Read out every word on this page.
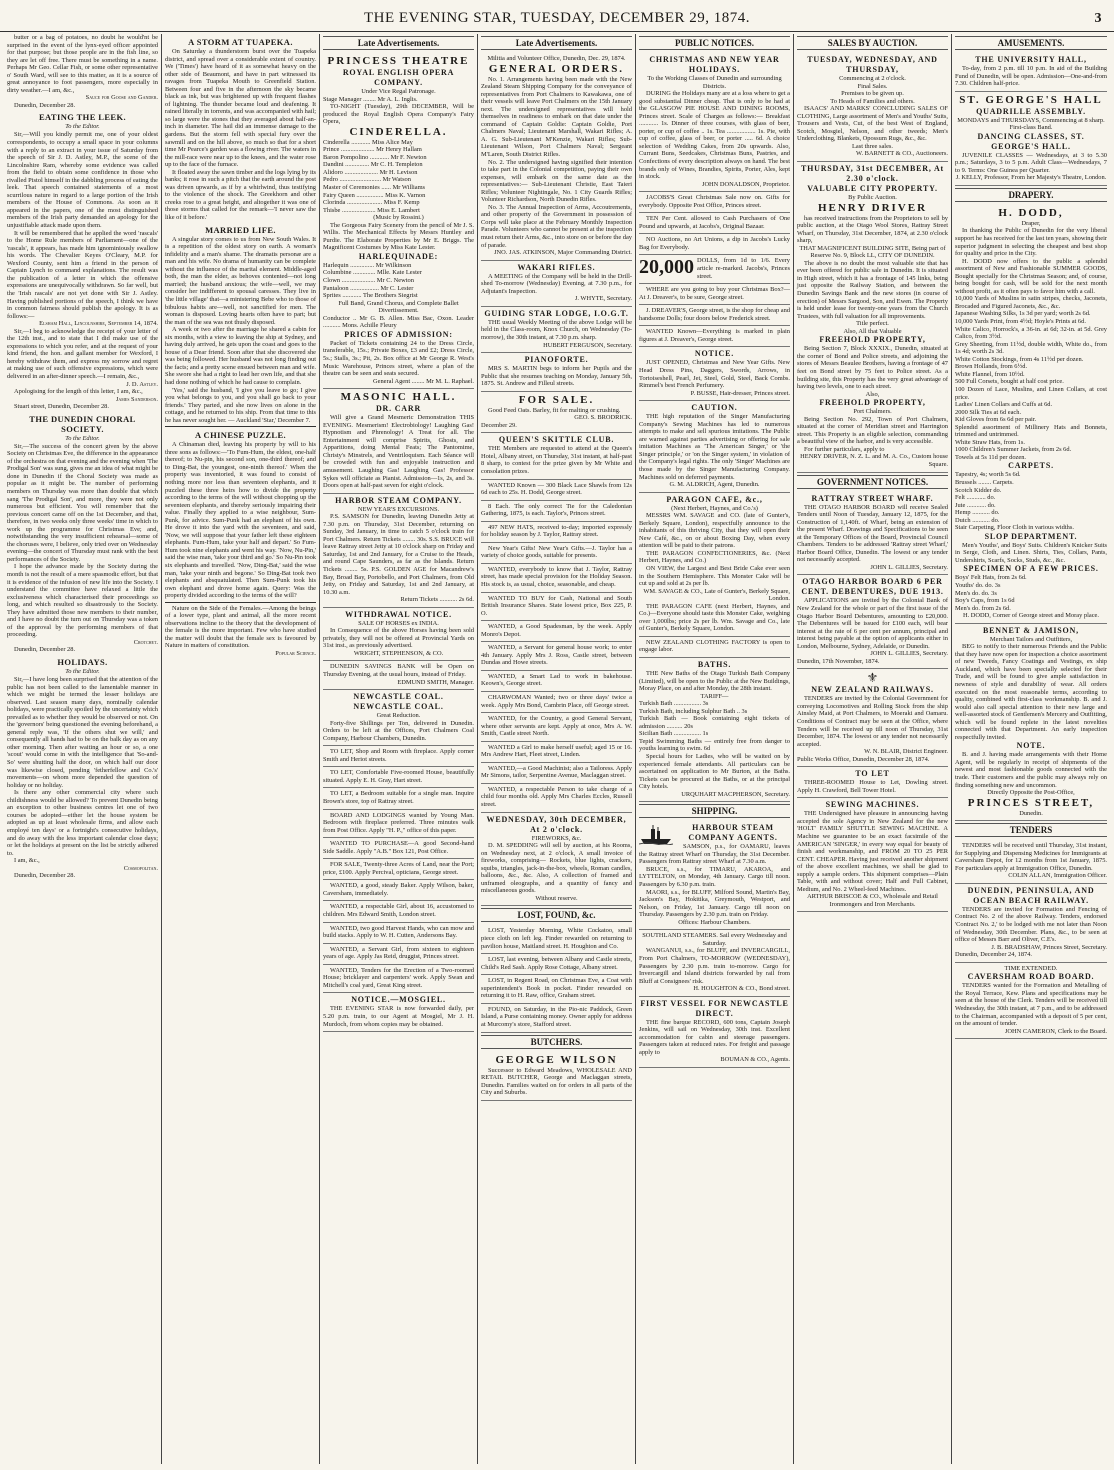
THE EVENING STAR, TUESDAY, DECEMBER 29, 1874.	3

butter or a bag of potatoes, no doubt he would'nt be surprised in the event of the lynx-eyed officer appointed for that purpose; but those people are in the fish line, so they are let off free. There must be something in a name. Perhaps Mr Geo. Cellar Fish, or some other representative o' South Ward, will see to this matter, as it is a source of great annoyance to foot passengers, more especially in dirty weather.—I am, &c.,

Sauce for Goose and Gander.

Dunedin, December 28.

EATING THE LEEK.
To the Editor.

Sir,—Will you kindly permit me, one of your oldest correspondents, to occupy a small space in your columns with a reply to an extract in your issue of Saturday from the speech of Sir J. D. Astley, M.P., the scene of the Lincolnshire Ram, whereby some evidence was called from the field to obtain some confidence in those who rivalled Pistol himself in the dabbling process of eating the leek. That speech contained statements of a most scurrilous nature in regard to a large portion of the Irish members of the House of Commons. As soon as it appeared in the papers, one of the most distinguished members of the Irish party demanded an apology for the unjustifiable attack made upon them.

It will be remembered that he applied the word 'rascals' to the Home Rule members of Parliament—one of the 'rascals', it appears, has made him ignominiously swallow his words. The Chevalier Keyes O'Cleary, M.P. for Wexford County, sent him a friend in the person of Captain Lynch to command explanations. The result was the publication of a letter in which the offensive expressions are unequivocally withdrawn. So far well, but the 'Irish rascals' are not yet done with Sir J. Astley. Having published portions of the speech, I think we have in common fairness should publish the apology. It is as follows:—

Elsham Hall, Lincolnshire, September 14, 1874.

Sir,—I beg to acknowledge the receipt of your letter of the 12th inst., and to state that I did make use of the expressions to which you refer, and at the request of your kind friend, the hon. and gallant member for Wexford, I hereby withdraw them, and express my sorrow and regret at making use of such offensive expressions, which were delivered in an after-dinner speech.—I remain, &c.,

J. D. Astley.

Apologising for the length of this letter, I am, &c.,

James Sanderson.

Stuart street, Dunedin, December 28.

THE DUNEDIN CHORAL SOCIETY.
To the Editor.

Sir,—The success of the concert given by the above Society on Christmas Eve, the difference in the appearance of the orchestra on that evening and the evening when 'The Prodigal Son' was sung, gives me an idea of what might be done in Dunedin if the Choral Society was made as popular as it might be. The number of performing members on Thursday was more than double that which sang 'The Prodigal Son', and more, they were not only numerous but efficient. You will remember that the previous concert came off on the 1st December, and that, therefore, in two weeks only three weeks' time in which to work up the programme for Christmas Eve; and, notwithstanding the very insufficient rehearsal—some of the choruses were, I believe, only tried over on Wednesday evening—the concert of Thursday must rank with the best performances of the Society.

I hope the advance made by the Society during the month is not the result of a mere spasmodic effort, but that it is evidence of the infusion of new life into the Society. I understand the committee have relaxed a little the exclusiveness which characterised their proceedings so long, and which resulted so disastrously to the Society. They have admitted those new members to their number, and I have no doubt the turn out on Thursday was a token of the approval by the performing members of that proceeding.

Crotchet.

Dunedin, December 28.

HOLIDAYS.
To the Editor.

Sir,—I have long been surprised that the attention of the public has not been called to the lamentable manner in which we might be termed the lesser holidays are observed. Last season many days, nominally calendar holidays, were practically spoiled by the uncertainty which prevailed as to whether they would be observed or not. On the 'governors' being questioned the evening beforehand, a general reply was, 'If the others shut we will,' and consequently all hands had to be on the balk day as on any other morning. Then after waiting an hour or so, a one 'scout' would come in with the intelligence that 'So-and-So' were shutting half the door, on which half our door was likewise closed, pending 'fetherfellow and Co.'s' movements—on whom more depended the question of holiday or no holiday.

Is there any other commercial city where such childishness would be allowed? To prevent Dunedin being an exception to other business centres let one of two courses be adopted—either let the house system be adopted as up at least wholesale firms, and allow each employé ten days' or a fortnight's consecutive holidays, and do away with the less important calendar close days; or let the holidays at present on the list be strictly adhered to.

I am, &c.,

Cosmopolitan.

Dunedin, December 28.

A STORM AT TUAPEKA.

On Saturday a thunderstorm burst over the Tuapeka district, and spread over a considerable extent of country. We ('Times') have heard of it as somewhat heavy on the other side of Beaumont, and have in part witnessed its ravages from Tuapeka Mouth to Greenfield Station. Between four and five in the afternoon the sky became black as ink, but was brightened up with frequent flashes of lightning. The thunder became loud and deafening. It rained literally in torrents, and was accompanied with hail; so large were the stones that they averaged about half-an-inch in diameter. The hail did an immense damage to the gardens. But the storm fell with special fury over the sawmill and on the hill above, so much so that for a short time Mr Pearce's garden was a flowing river. The waters in the mill-race were near up to the knees, and the water rose up to the face of the furnace.

It floated away the sawn timber and the logs lying by its banks; it rose in such a pitch that the earth around the post was driven upwards, as if by a whirlwind, thus testifying to the violence of the shock. The Greekhorn and other creeks rose to a great height, and altogether it was one of those storms that called for the remark—'I never saw the like of it before.'

MARRIED LIFE.

A singular story comes to us from New South Wales. It is a repetition of the oldest story on earth. A woman's infidelity and a man's shame. The dramatis personæ are a man and his wife. No drama of humanity can be complete without the influence of the marital element. Middle-aged both, the man the elder, as behoves contented—not long married; the husband anxious; the wife—well, we may consider her indifferent to spousal caresses. They live in 'the little village' that—a ministering Bebe who to those of bibulous habits are—well, not sanctified for men. The woman is disposed. Loving hearts often have to part; but the man of the sea was not thusly disposed.

A week or two after the marriage he shared a cabin for six months, with a view to leaving the ship at Sydney, and having duly arrived, he gets upon the coast and goes to the house of a Dear friend. Soon after that she discovered she was being followed. Her husband was not long finding out the facts; and a pretty scene ensued between man and wife. She swore she had a right to lead her own life, and that she had done nothing of which he had cause to complain.

'Yes,' said the husband, 'I give you leave to go; I give you what belongs to you, and you shall go back to your friends.' They parted, and she now lives on alone in the cottage, and he returned to his ship. From that time to this he has never sought her. — Auckland 'Star,' December 7.

A CHINESE PUZZLE.

A Chinaman died, leaving his property by will to his three sons as follows:—'To Fum-Hum, the eldest, one-half thereof; to Nu-pin, his second son, one-third thereof; and to Ding-Bat, the youngest, one-ninth thereof.' When the property was inventoried, it was found to consist of nothing more nor less than seventeen elephants, and it puzzled these three heirs how to divide the property according to the terms of the will without chopping up the seventeen elephants, and thereby seriously impairing their value. Finally they applied to a wise neighbour, Sum-Punk, for advice. Sum-Punk had an elephant of his own. He drove it into the yard with the seventeen, and said, 'Now, we will suppose that your father left these eighteen elephants. Fum-Hum, take your half and depart.' So Fum-Hum took nine elephants and went his way. 'Now, Nu-Pin,' said the wise man, 'take your third and go.' So Nu-Pin took six elephants and travelled. 'Now, Ding-Bat,' said the wise man, 'take your ninth and begone.' So Ding-Bat took two elephants and absquatulated. Then Sum-Punk took his own elephant and drove home again. Query: Was the property divided according to the terms of the will?

Nature on the Side of the Females.—Among the beings of a lower type, plant and animal, all the more recent observations incline to the theory that the development of the female is the more important. Few who have studied the matter will doubt that the female sex is favoured by Nature in matters of constitution.

Popular Science.
Late Advertisements.
PRINCESS THEATRE
ROYAL ENGLISH OPERA COMPANY.
Under Vice Regal Patronage.
Stage Manager ........ Mr A. L. Inglis.

TO-NIGHT (Tuesday), 29th DECEMBER, Will be produced the Royal English Opera Company's Fairy Opera,

CINDERELLA.
Cinderella ............ Miss Alice May
Prince ..................... Mr Henry Hallam
Baron Pompolino ............ Mr F. Newton
Dandini ............... Mr C. H. Templeton
Alidoro ..................... Mr H. Levison
Pedro .......................... Mr Watson
Master of Ceremonies ...... Mr Williams
Fairy Queen ................. Miss K. Varnon
Clorinda ...................... Miss F. Kemp
Thisbe ..................... Miss E. Lambert
(Music by Rossini.)

The Gorgeous Fairy Scenery from the pencil of Mr J. S. Willis. The Mechanical Effects by Messrs Huntley and Purdie. The Elaborate Properties by Mr E. Briggs. The Magnificent Costumes by Miss Kate Lester.

HARLEQUINADE:
Harlequin ............... Mr Wilkinson
Columbine .............. Mlle. Kate Lester
Clown ..................... Mr C. Newton
Pantaloon .................. Mr C. Lester
Sprites ............ The Brothers Siegrist
Full Band, Grand Chorus, and Complete Ballet Divertissement.
Conductor .. Mr G. B. Allen. Miss Bac, Oxon. Leader ........... Mons. Achille Fleury
PRICES OF ADMISSION:

Packet of Tickets containing 24 to the Dress Circle, transferable, 15s.; Private Boxes, £3 and £2; Dress Circle, 5s.; Stalls, 3s.; Pit, 2s. Box office at Mr George R. West's Music Warehouse, Princes street, where a plan of the theatre can be seen and seats secured.

General Agent ........ Mr M. L. Raphael.
MASONIC HALL.
DR. CARR

Will give a Grand Mesmeric Demonstration THIS EVENING. Mesmerism! Electrobiology! Laughing Gas! Hypnotism and Phrenology! A Treat for all. The Entertainment will comprise Spirits, Ghosts, and Apparitions, doing Mental Feats; The Pantomime, Christy's Minstrels, and Ventriloquism. Each Séance will be crowded with fun and enjoyable instruction and amusement. Laughing Gas! Laughing Gas! Professor Sykes will officiate as Pianist. Admission—1s, 2s, and 3s. Doors open at half-past seven for eight o'clock.

HARBOR STEAM COMPANY.
NEW YEAR'S EXCURSIONS.

P.S. SAMSON for Dunedin, leaving Dunedin Jetty at 7.30 p.m. on Thursday, 31st December, returning on Sunday, 3rd January, in time to catch 5 o'clock train for Port Chalmers. Return Tickets ........ 30s. S.S. BRUCE will leave Rattray street Jetty at 10 o'clock sharp on Friday and Saturday, 1st and 2nd January, for a Cruise to the Heads, and round Cape Saunders, as far as the Islands. Return Tickets ........ 5s. P.S. GOLDEN AGE for Macandrew's Bay, Broad Bay, Portobello, and Port Chalmers, from Old Jetty, on Friday and Saturday, 1st and 2nd January, at 10.30 a.m.

Return Tickets ........... 2s 6d.
WITHDRAWAL NOTICE.
SALE OF HORSES ex INDIA.

In Consequence of the above Horses having been sold privately, they will not be offered at Provincial Yards on 31st inst., as previously advertised.

WRIGHT, STEPHENSON, & CO.

DUNEDIN SAVINGS BANK will be Open on Thursday Evening, at the usual hours, instead of Friday.

EDMUND SMITH, Manager.
NEWCASTLE COAL. NEWCASTLE COAL.
Great Reduction.

Forty-five Shillings per Ton, delivered in Dunedin. Orders to be left at the Offices, Port Chalmers Coal Company, Harbour Chambers, Dunedin.

TO LET, Shop and Room with fireplace. Apply corner Smith and Heriot streets.

TO LET, Comfortable Five-roomed House, beautifully situated. Apply E. H. Gray, Hart street.

TO LET, a Bedroom suitable for a single man. Inquire Brown's store, top of Rattray street.

BOARD AND LODGINGS wanted by Young Man. Bedroom with fireplace preferred. Three minutes walk from Post Office. Apply "H. P.," office of this paper.

WANTED TO PURCHASE—A good Second-hand Side Saddle. Apply "A.B." Box 121, Post Office.

FOR SALE, Twenty-three Acres of Land, near the Port; price, £100. Apply Percival, opticians, George street.

WANTED, a good, steady Baker. Apply Wilson, baker, Caversham, immediately.

WANTED, a respectable Girl, about 16, accustomed to children. Mrs Edward Smith, London street.

WANTED, two good Harvest Hands, who can mow and build stacks. Apply to W. H. Cutten, Andersons Bay.

WANTED, a Servant Girl, from sixteen to eighteen years of age. Apply Jas Reid, druggist, Princes street.

WANTED, Tenders for the Erection of a Two-roomed House; bricklayer and carpenters' work. Apply Swan and Mitchell's coal yard, Great King street.

NOTICE.—MOSGIEL.

THE EVENING STAR is now forwarded daily, per 5.20 p.m. train, to our Agent at Mosgiel, Mr J. H. Murdoch, from whom copies may be obtained.

Late Advertisements.
Militia and Volunteer Office, Dunedin, Dec. 29, 1874.
GENERAL ORDERS.

No. 1. Arrangements having been made with the New Zealand Steam Shipping Company for the conveyance of representatives from Port Chalmers to Kawakawa, one of their vessels will leave Port Chalmers on the 15th January next. The undersigned representatives will hold themselves in readiness to embark on that date under the command of Captain Goldie: Captain Goldie, Port Chalmers Naval; Lieutenant Marshall, Wakari Rifles; A. A. G. Sub-Lieutenant M'Kenzie, Wakari Rifles; Sub-Lieutenant Wilson, Port Chalmers Naval; Sergeant M'Laren, South District Rifles.

No. 2. The undersigned having signified their intention to take part in the Colonial competition, paying their own expenses, will embark on the same date as the representatives:— Sub-Lieutenant Christie, East Taieri Rifles; Volunteer Nightingale, No. 1 City Guards Rifles; Volunteer Richardson, North Dunedin Rifles.

No. 3. The Annual Inspection of Arms, Accoutrements, and other property of the Government in possession of Corps will take place at the February Monthly Inspection Parade. Volunteers who cannot be present at the inspection must return their Arms, &c., into store on or before the day of parade.

JNO. JAS. ATKINSON, Major Commanding District.
WAKARI RIFLES.

A MEETING of the Company will be held in the Drill-shed To-morrow (Wednesday) Evening, at 7.30 p.m., for Adjutant's Inspection.

J. WHYTE, Secretary.
GUIDING STAR LODGE, I.O.G.T.

THE usual Weekly Meeting of the above Lodge will be held in the Class-room, Knox Church, on Wednesday (To-morrow), the 30th instant, at 7.30 p.m. sharp.

HUBERT FERGUSON, Secretary.
PIANOFORTE.

MRS S. MARTIN begs to inform her Pupils and the Public that she resumes teaching on Monday, January 5th, 1875. St. Andrew and Filleul streets.

FOR SALE.

Good Feed Oats. Barley, fit for malting or crushing.

GEO. S. BRODRICK.
December 29.
QUEEN'S SKITTLE CLUB.

THE Members are requested to attend at the Queen's Hotel, Albany street, on Thursday, 31st instant, at half-past 8 sharp, to contest for the prize given by Mr White and consolation prizes.

WANTED Known — 300 Black Lace Shawls from 12s 6d each to 25s. H. Dodd, George street.

8 Each. The only correct Tie for the Caledonian Gathering, 1875, is each. Taylor's, Princes street.

497 NEW HATS, received to-day; imported expressly for holiday season by J. Taylor, Rattray street.

New Year's Gifts! New Year's Gifts.—J. Taylor has a variety of choice goods, suitable for presents.

WANTED, everybody to know that J. Taylor, Rattray street, has made special provision for the Holiday Season. His stock is, as usual, choice, seasonable, and cheap.

WANTED TO BUY for Cash, National and South British Insurance Shares. State lowest price, Box 225, P. O.

WANTED, a Good Spadesman, by the week. Apply Monro's Depot.

WANTED, a Servant for general house work; to enter 4th January. Apply Mrs J. Ross, Castle street, between Dundas and Howe streets.

WANTED, a Smart Lad to work in bakehouse. Keown's, George street.

CHARWOMAN Wanted; two or three days' twice a week. Apply Mrs Bond, Cambrin Place, off George street.

WANTED, for the Country, a good General Servant, where other servants are kept. Apply at once, Mrs A. W. Smith, Castle street North.

WANTED a Girl to make herself useful; aged 15 or 16. Mrs Andrew Hart, Fleet street, Linden.

WANTED,—a Good Machinist; also a Tailoress. Apply Mr Simons, tailor, Serpentine Avenue, Maclaggan street.

WANTED, a respectable Person to take charge of a child four months old. Apply Mrs Charles Eccles, Russell street.

WEDNESDAY, 30th DECEMBER, At 2 o'clock.
FIREWORKS, &c.

D. M. SPEDDING will sell by auction, at his Rooms, on Wednesday next, at 2 o'clock, A small invoice of fireworks, comprising— Rockets, blue lights, crackers, squibs, triangles, jack-in-the-box, wheels, Roman candles, balloons, &c., &c. Also, A collection of framed and unframed oleographs, and a quantity of fancy and miscellaneous goods.

Without reserve.
LOST, FOUND, &c.

LOST, Yesterday Morning, White Cockatoo, small piece cloth on left leg. Finder rewarded on returning to pavilion house, Maitland street. H. Houghton and Co.

LOST, last evening, between Albany and Castle streets, Child's Red Sash. Apply Rose Cottage, Albany street.

LOST, in Regent Road, on Christmas Eve, a Coat with superintendent's Book in pocket. Finder rewarded on returning it to H. Raw, office, Graham street.

FOUND, on Saturday, in the Pio-nic Paddock, Green Island, a Purse containing money. Owner apply for address at Murcomy's store, Stafford street.

BUTCHERS.
GEORGE WILSON

Successor to Edward Meadows, WHOLESALE AND RETAIL BUTCHER, George and Maclaggan streets, Dunedin. Families waited on for orders in all parts of the City and Suburbs.

PUBLIC NOTICES.
CHRISTMAS AND NEW YEAR HOLIDAYS.
To the Working Classes of Dunedin and surrounding Districts.

DURING the Holidays many are at a loss where to get a good substantial Dinner cheap. That is only to be had at the GLASGOW PIE HOUSE AND DINING ROOMS, Princes street. Scale of Charges as follows:— Breakfast ............ 1s. Dinner of three courses, with glass of beer, porter, or cup of coffee .. 1s. Tea .................. 1s. Pie, with cup of coffee, glass of beer, or porter ..... 6d. A choice selection of Wedding Cakes, from 20s upwards. Also, Currant Buns, Seedcakes, Christmas Buns, Pastries, and Confections of every description always on hand. The best brands only of Wines, Brandies, Spirits, Porter, Ales, kept in stock.

JOHN DONALDSON, Proprietor.

JACOBS'S Great Christmas Sale now on. Gifts for everybody. Opposite Post Office, Princes street.

TEN Per Cent. allowed to Cash Purchasers of One Pound and upwards, at Jacobs's, Original Bazaar.

NO Auctions, no Art Unions, a dip in Jacobs's Lucky Bag for Everybody.

20,000 DOLLS, from 1d to 1/6. Every article re-marked. Jacobs's, Princes street.

WHERE are you going to buy your Christmas Box?—At J. Dreaver's, to be sure, George street.

J. DREAVER'S, George street, is the shop for cheap and handsome Dolls; four doors below Frederick street.

WANTED Known—Everything is marked in plain figures at J. Dreaver's, George street.

NOTICE.

JUST OPENED, Christmas and New Year Gifts. New Head Dress Pins, Daggers, Swords, Arrows, in Tortoiseshell, Pearl, Jet, Steel, Gold, Steel, Back Combs. Rimmel's best French Perfumery.

P. BUSSE, Hair-dresser, Princes street.
CAUTION.

THE high reputation of the Singer Manufacturing Company's Sewing Machines has led to numerous attempts to make and sell spurious imitations. The Public are warned against parties advertising or offering for sale imitation Machines as 'The American Singer,' or 'the Singer principle,' or 'on the Singer system,' in violation of the Company's legal rights. The only 'Singer' Machines are those made by the Singer Manufacturing Company. Machines sold on deferred payments.

G. M. ALDRICH, Agent, Dunedin.
PARAGON CAFE, &c.,
(Next Herbert, Haynes, and Co.'s)

MESSRS WM. SAVAGE and CO. (late of Gunter's, Berkely Square, London), respectfully announce to the inhabitants of this thriving City, that they will open their New Café, &c., on or about Boxing Day, when every attention will be paid to their patrons.

THE PARAGON CONFECTIONERIES, &c. (Next Herbert, Haynes, and Co.)

ON VIEW, the Largest and Best Bride Cake ever seen in the Southern Hemisphere. This Monster Cake will be cut up and sold at 2s per lb.

WM. SAVAGE & CO., Late of Gunter's, Berkely Square, London.

THE PARAGON CAFE (next Herbert, Haynes, and Co.)—Everyone should taste this Monster Cake, weighing over 1,000lbs; price 2s per lb. Wm. Savage and Co., late of Gunter's, Berkely Square, London.

NEW ZEALAND CLOTHING FACTORY is open to engage labor.

BATHS.

THE New Baths of the Otago Turkish Bath Company (Limited), will be open to the Public at the New Buildings, Moray Place, on and after Monday, the 28th instant.

TARIFF—
Turkish Bath ................. 3s
Turkish Bath, including Sulphur Bath .. 3s
Turkish Bath — Book containing eight tickets of admission .......... 20s
Sicilian Bath ................. 1s
Tepid Swimming Baths — entirely free from danger to youths learning to swim. 6d

Special hours for Ladies, who will be waited on by experienced female attendants. All particulars can be ascertained on application to Mr Burton, at the Baths. Tickets can be procured at the Baths, or at the principal City hotels.

URQUHART MACPHERSON, Secretary.
SHIPPING.
HARBOUR STEAM COMPANY AGENTS.

SAMSON, p.s., for OAMARU, leaves the Rattray street Wharf on Thursday, the 31st December. Passengers from Rattray street Wharf at 7.30 a.m.

BRUCE, s.s., for TIMARU, AKAROA, and LYTTELTON, on Monday, 4th January. Cargo till noon. Passengers by 6.30 p.m. train.

MAORI, s.s., for BLUFF, Milford Sound, Martin's Bay, Jackson's Bay, Hokitika, Greymouth, Westport, and Nelson, on Friday, 1st January. Cargo till noon on Thursday. Passengers by 2.30 p.m. train on Friday.

Offices: Harbour Chambers.
SOUTHLAND STEAMERS. Sail every Wednesday and Saturday.

WANGANUI, s.s., for BLUFF, and INVERCARGILL, From Port Chalmers, TO-MORROW (WEDNESDAY), Passengers by 2.30 p.m. train to-morrow. Cargo for Invercargill and Island districts forwarded by rail from Bluff at Consignees' risk.

H. HOUGHTON & CO., Bond street.
FIRST VESSEL FOR NEWCASTLE DIRECT.

THE fine barque RECORD, 600 tons, Captain Joseph Jenkins, will sail on Wednesday, 30th inst. Excellent accommodation for cabin and steerage passengers. Passengers taken at reduced rates. For freight and passage apply to

BOUMAN & CO., Agents.
SALES BY AUCTION.
TUESDAY, WEDNESDAY, AND THURSDAY,
Commencing at 2 o'clock.
Final Sales.
Premises to be given up.
To Heads of Families and others.

ISAACS' AND MARKS' CONCLUDING SALES OF CLOTHING, Large assortment of Men's and Youths' Suits, Trousers and Vests, Cut, of the best West of England, Scotch, Mosgiel, Nelson, and other tweeds; Men's Underclothing, Blankets, Opossum Rugs, &c., &c.

Last three sales.
W. BARNETT & CO., Auctioneers.
THURSDAY, 31st DECEMBER, At 2.30 o'clock.
VALUABLE CITY PROPERTY.
By Public Auction.
HENRY DRIVER

has received instructions from the Proprietors to sell by public auction, at the Otago Wool Stores, Rattray Street Wharf, on Thursday, 31st December, 1874, at 2.30 o'clock sharp,

THAT MAGNIFICENT BUILDING SITE, Being part of Reserve No. 9, Block LL, CITY OF DUNEDIN.

The above is no doubt the most valuable site that has ever been offered for public sale in Dunedin. It is situated in High street, which it has a frontage of 145 links, being just opposite the Railway Station, and between the Dunedin Savings Bank and the new stores (in course of erection) of Messrs Sargood, Son, and Ewen. The Property is held under lease for twenty-one years from the Church Trustees, with full valuation for all improvements.

Title perfect.
Also, All that Valuable
FREEHOLD PROPERTY,

Being Section 7, Block XXXIX., Dunedin, situated at the corner of Bond and Police streets, and adjoining the stores of Messrs Beaulee Brothers, having a frontage of 47 feet on Bond street by 75 feet to Police street. As a building site, this Property has the very great advantage of having two levels, one to each street.

Also,
FREEHOLD PROPERTY,
Port Chalmers.

Being Section No. 292, Town of Port Chalmers, situated at the corner of Meridian street and Harrington street. This Property is an eligible selection, commanding a beautiful view of the harbor, and is very accessible.

For further particulars, apply to

HENRY DRIVER, N. Z. L. and M. A. Co., Custom house Square.
GOVERNMENT NOTICES.
RATTRAY STREET WHARF.

THE OTAGO HARBOR BOARD will receive Sealed Tenders until Noon of Tuesday, January 12, 1875, for the Construction of 1,140ft. of Wharf, being an extension of the present Wharf. Drawings and Specifications to be seen at the Temporary Offices of the Board, Provincial Council Chambers. Tenders to be addressed 'Rattray street Wharf,' Harbor Board Office, Dunedin. The lowest or any tender not necessarily accepted.

JOHN L. GILLIES, Secretary.
OTAGO HARBOR BOARD 6 PER CENT. DEBENTURES, DUE 1913.

APPLICATIONS are invited by the Colonial Bank of New Zealand for the whole or part of the first issue of the Otago Harbor Board Debentures, amounting to £20,000. The Debentures will be issued for £100 each, will bear interest at the rate of 6 per cent per annum, principal and interest being payable at the option of applicants either in London, Melbourne, Sydney, Adelaide, or Dunedin.

JOHN L. GILLIES, Secretary.
Dunedin, 17th November, 1874.
⚜
NEW ZEALAND RAILWAYS.

TENDERS are invited by the Colonial Government for conveying Locomotives and Rolling Stock from the ship Ainsley Maid, at Port Chalmers, to Moeraki and Oamaru. Conditions of Contract may be seen at the Office, where Tenders will be received up till noon of Thursday, 31st December, 1874. The lowest or any tender not necessarily accepted.

W. N. BLAIR, District Engineer.
Public Works Office, Dunedin, December 28, 1874.
TO LET

THREE-ROOMED House to Let, Dowling street. Apply H. Crawford, Bell Tower Hotel.

SEWING MACHINES.

THE Undersigned have pleasure in announcing having accepted the sole Agency in New Zealand for the new 'HOLT' FAMILY SHUTTLE SEWING MACHINE. A Machine we guarantee to be an exact facsimile of the AMERICAN 'SINGER,' in every way equal for beauty of finish and workmanship, and FROM 20 TO 25 PER CENT. CHEAPER. Having just received another shipment of the above excellent machines, we shall be glad to supply a sample orders. This shipment comprises—Plain Table, with and without cover; Half and Full Cabinet, Medium, and No. 2 Wheel-feed Machines.

ARTHUR BRISCOE & CO., Wholesale and Retail Ironmongers and Iron Merchants.
AMUSEMENTS.
THE UNIVERSITY HALL,

To-day, from 2 p.m. till 10 p.m. In aid of the Building Fund of Dunedin, will be open. Admission—One-and-from 7.30. Children half-price.

ST. GEORGE'S HALL
QUADRILLE ASSEMBLY.
MONDAYS and THURSDAYS, Commencing at 8 sharp.
First-class Band.
DANCING CLASSES, ST. GEORGE'S HALL.

JUVENILE CLASSES — Wednesdays, at 3 to 5.30 p.m.; Saturdays, 3 to 5 p.m. Adult Class—Wednesdays, 7 to 9. Terms: One Guinea per Quarter.

J. KELLY, Professor, From her Majesty's Theatre, London.
DRAPERY.
H. DODD,
Draper,

In thanking the Public of Dunedin for the very liberal support he has received for the last ten years, showing their superior judgment in selecting the cheapest and best shop for quality and price in the City.

H. DODD now offers to the public a splendid assortment of New and Fashionable SUMMER GOODS, Bought specially for the Christmas Season; and, of course, being bought for cash, will be sold for the next month without profit, as it often pays to favor him with a call.

10,000 Yards of Muslins in satin stripes, checks, Jaconets, Brocaded and Figured Jaconets, &c., &c.
Japanese Washing Silks, 1s 3d per yard; worth 2s 6d.
10,000 Yards Print, from 4½d; Hoyle's Prints at 6d.
White Calico, Horrock's, a 36-in. at 6d; 32-in. at 5d. Grey Calico, from 3½d.
Grey Sheeting, from 11½d, double width, White do., from 1s 4d; worth 2s 3d.
White Cotton Stockings, from 4s 11½d per dozen.
Brown Hollands, from 6½d.
White Flannel, from 10½d.
500 Full Corsets, bought at half cost price.
100 Dozen of Lace, Muslins, and Linen Collars, at cost price.
Ladies' Linen Collars and Cuffs at 6d.
2000 Silk Ties at 6d each.
Kid Gloves from 6s 6d per pair.
Splendid assortment of Millinery Hats and Bonnets, trimmed and untrimmed.
White Straw Hats, from 1s.
1000 Children's Summer Jackets, from 2s 6d.
Towels at 5s 11d per dozen.
CARPETS.
Tapestry, 4s; worth 5s 6d.
Brussels ........ Carpets.
Scotch Kidder do.
Felt ............ do.
Jute ............ do.
Hemp ........... do.
Dutch ........... do.
Stair Carpeting, Floor Cloth in various widths.
SLOP DEPARTMENT.

Men's Youths', and Boys' Suits. Children's Knicker Suits in Serge, Cloth, and Linen. Shirts, Ties, Collars, Pants, Undershirts, Scarfs, Socks, Studs, &c., &c.

SPECIMEN OF A FEW PRICES.
Boys' Felt Hats, from 2s 6d.
Youths' do. do. 3s
Men's do. do. 3s
Boy's Caps, from 1s 6d
Men's do. from 2s 6d.
H. DODD, Corner of George street and Moray place.
BENNET & JAMISON,
Merchant Tailors and Outfitters,

BEG to notify to their numerous Friends and the Public that they have now open for inspection a choice assortment of new Tweeds, Fancy Coatings and Vestings, ex ship Auckland, which have been specially selected for their Trade, and will be found to give ample satisfaction in newness of style and durability of wear. All orders executed on the most reasonable terms, according to quality, combined with first-class workmanship. B. and J. would also call special attention to their new large and well-assorted stock of Gentlemen's Mercery and Outfitting, which will be found replete in the latest novelties connected with that Department. An early inspection respectfully invited.

NOTE.

B. and J. having made arrangements with their Home Agent, will be regularly in receipt of shipments of the newest and most fashionable goods connected with the trade. Their customers and the public may always rely on finding something new and uncommon.

Directly Opposite the Post-Office,
PRINCES STREET,
Dunedin.
TENDERS

TENDERS will be received until Thursday, 31st instant, for Supplying and Dispensing Medicines for Immigrants at Caversham Depot, for 12 months from 1st January, 1875. For particulars apply at Immigration Office, Dunedin.

COLIN ALLAN, Immigration Officer.
DUNEDIN, PENINSULA, AND OCEAN BEACH RAILWAY.

TENDERS are invited for Formation and Fencing of Contract No. 2 of the above Railway. Tenders, endorsed 'Contract No. 2,' to be lodged with me not later than Noon of Wednesday, 30th December. Plans, &c., to be seen at office of Messrs Barr and Oliver, C.E's.

J. B. BRADSHAW, Princes Street, Secretary.
Dunedin, December 24, 1874.
TIME EXTENDED.
CAVERSHAM ROAD BOARD.

TENDERS wanted for the Formation and Metalling of the Royal Terrace, Kew. Plans and specifications may be seen at the house of the Clerk. Tenders will be received till Wednesday, the 30th instant, at 7 p.m., and to be addressed to the Chairman, accompanied with a deposit of 5 per cent, on the amount of tender.

JOHN CAMERON, Clerk to the Board.
